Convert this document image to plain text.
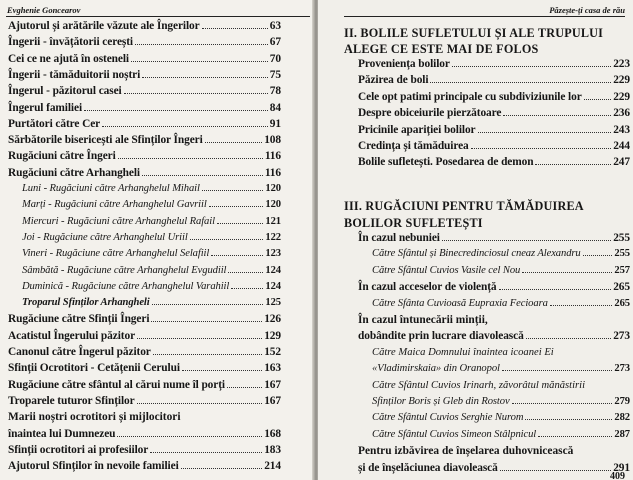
Evghenie Goncearov
Ajutorul și arătările văzute ale Îngerilor	63
Îngerii - învățătorii cerești	67
Cei ce ne ajută în osteneli	70
Îngerii - tămăduitorii noștri	75
Îngerul - păzitorul casei	78
Îngerul familiei	84
Purtători către Cer	91
Sărbătorile bisericești ale Sfinților Îngeri	108
Rugăciuni către Îngeri	116
Rugăciuni către Arhangheli	116
Luni - Rugăciuni către Arhanghelul Mihail	120
Marți - Rugăciuni către Arhanghelul Gavriil	120
Miercuri - Rugăciuni către Arhanghelul Rafail	121
Joi - Rugăciune către Arhanghelul Uriil	122
Vineri - Rugăciune către Arhanghelul Selafiil	123
Sâmbătă - Rugăciune către Arhanghelul Evgudiil	124
Duminică - Rugăciune către Arhanghelul Varahiil	124
Troparul Sfinților Arhangheli	125
Rugăciune către Sfinții Îngeri	126
Acatistul Îngerului păzitor	129
Canonul către Îngerul păzitor	152
Sfinții Ocrotitori - Cetățenii Cerului	163
Rugăciune către sfântul al cărui nume îl porți	167
Troparele tuturor Sfinților	167
Marii noștri ocrotitori și mijlocitori
înaintea lui Dumnezeu	168
Sfinții ocrotitori ai profesiilor	183
Ajutorul Sfinților în nevoile familiei	214
Păzește-ți casa de rău
II. BOLILE SUFLETULUI ȘI ALE TRUPULUI
ALEGE CE ESTE MAI DE FOLOS
Proveniența bolilor	223
Păzirea de boli	229
Cele opt patimi principale cu subdiviziunile lor	229
Despre obiceiurile pierzătoare	236
Pricinile apariției bolilor	243
Credința și tămăduirea	244
Bolile sufletești. Posedarea de demon	247
III. RUGĂCIUNI PENTRU TĂMĂDUIREA
BOLILOR SUFLETEȘTI
În cazul nebuniei	255
Către Sfântul și Binecredinciosul cneaz Alexandru	255
Către Sfântul Cuvios Vasile cel Nou	257
În cazul acceselor de violență	265
Către Sfânta Cuvioasă Eupraxia Fecioara	265
În cazul întunecării minții,
dobândite prin lucrare diavolească	273
Către Maica Domnului înaintea icoanei Ei
«Vladimirskaia» din Oranopol	273
Către Sfântul Cuvios Irinarh, zăvorâtul mănăstirii
Sfinților Boris și Gleb din Rostov	279
Către Sfântul Cuvios Serghie Nurom	282
Către Sfântul Cuvios Simeon Stâlpnicul	287
Pentru izbăvirea de înșelarea duhovnicească
și de înșelăciunea diavolească	291
409
